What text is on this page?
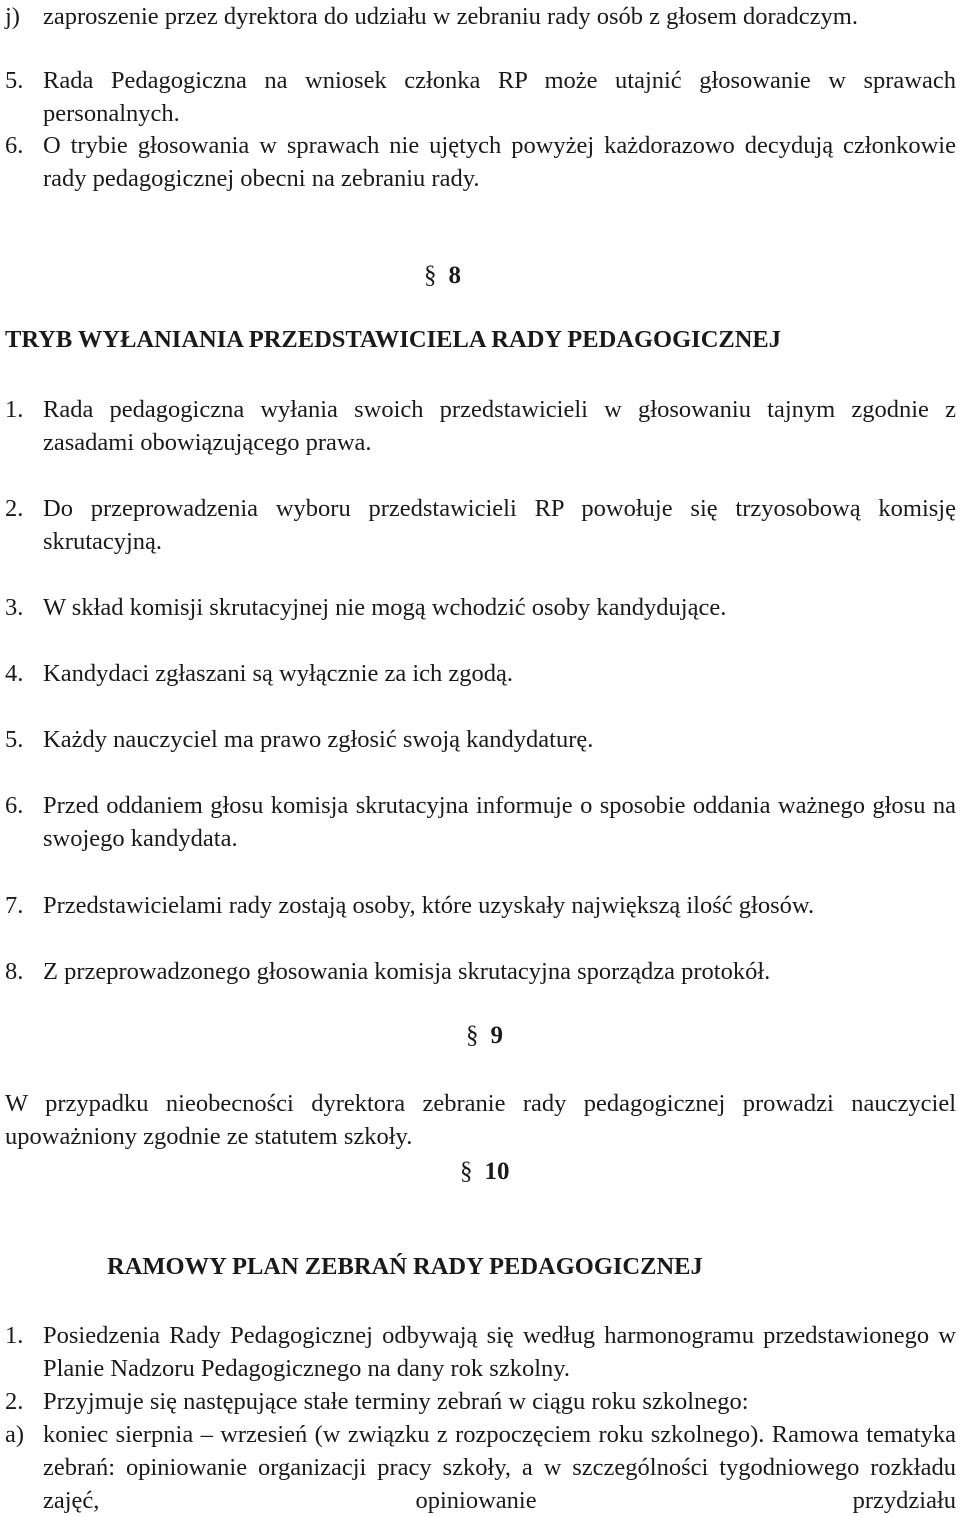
j) zaproszenie przez dyrektora do udziału w zebraniu rady osób z głosem doradczym.
5. Rada Pedagogiczna na wniosek członka RP może utajnić głosowanie w sprawach personalnych.
6. O trybie głosowania w sprawach nie ujętych powyżej każdorazowo decydują członkowie rady pedagogicznej obecni na zebraniu rady.
§ 8
TRYB WYŁANIANIA PRZEDSTAWICIELA RADY PEDAGOGICZNEJ
1. Rada pedagogiczna wyłania swoich przedstawicieli w głosowaniu tajnym zgodnie z zasadami obowiązującego prawa.
2. Do przeprowadzenia wyboru przedstawicieli RP powołuje się trzyosobową komisję skrutacyjną.
3. W skład komisji skrutacyjnej nie mogą wchodzić osoby kandydujące.
4. Kandydaci zgłaszani są wyłącznie za ich zgodą.
5. Każdy nauczyciel ma prawo zgłosić swoją kandydaturę.
6. Przed oddaniem głosu komisja skrutacyjna informuje o sposobie oddania ważnego głosu na swojego kandydata.
7. Przedstawicielami rady zostają osoby, które uzyskały największą ilość głosów.
8. Z przeprowadzonego głosowania komisja skrutacyjna sporządza protokół.
§ 9
W przypadku nieobecności dyrektora zebranie rady pedagogicznej prowadzi nauczyciel upoważniony zgodnie ze statutem szkoły.
§ 10
RAMOWY PLAN ZEBRAŃ RADY PEDAGOGICZNEJ
1. Posiedzenia Rady Pedagogicznej odbywają się według harmonogramu przedstawionego w Planie Nadzoru Pedagogicznego na dany rok szkolny.
2. Przyjmuje się następujące stałe terminy zebrań w ciągu roku szkolnego:
a) koniec sierpnia – wrzesień (w związku z rozpoczęciem roku szkolnego). Ramowa tematyka zebrań: opiniowanie organizacji pracy szkoły, a w szczególności tygodniowego rozkładu zajęć, opiniowanie przydziału
